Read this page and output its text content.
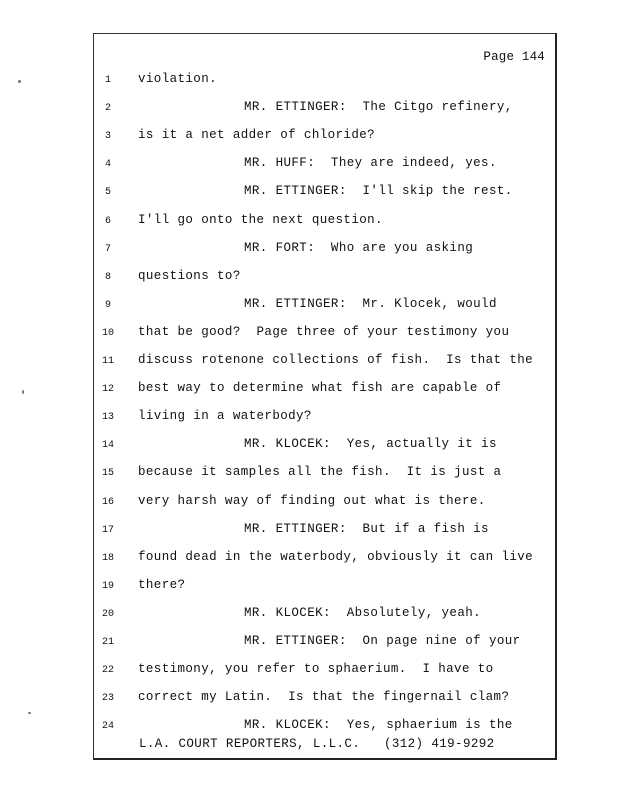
Page 144
1	violation.
2	MR. ETTINGER:  The Citgo refinery,
3	is it a net adder of chloride?
4	MR. HUFF:  They are indeed, yes.
5	MR. ETTINGER:  I'll skip the rest.
6	I'll go onto the next question.
7	MR. FORT:  Who are you asking
8	questions to?
9	MR. ETTINGER:  Mr. Klocek, would
10 that be good?  Page three of your testimony you
11 discuss rotenone collections of fish.  Is that the
12 best way to determine what fish are capable of
13 living in a waterbody?
14	MR. KLOCEK:  Yes, actually it is
15 because it samples all the fish.  It is just a
16 very harsh way of finding out what is there.
17	MR. ETTINGER:  But if a fish is
18 found dead in the waterbody, obviously it can live
19 there?
20	MR. KLOCEK:  Absolutely, yeah.
21	MR. ETTINGER:  On page nine of your
22 testimony, you refer to sphaerium.  I have to
23 correct my Latin.  Is that the fingernail clam?
24	MR. KLOCEK:  Yes, sphaerium is the
L.A. COURT REPORTERS, L.L.C.   (312) 419-9292
